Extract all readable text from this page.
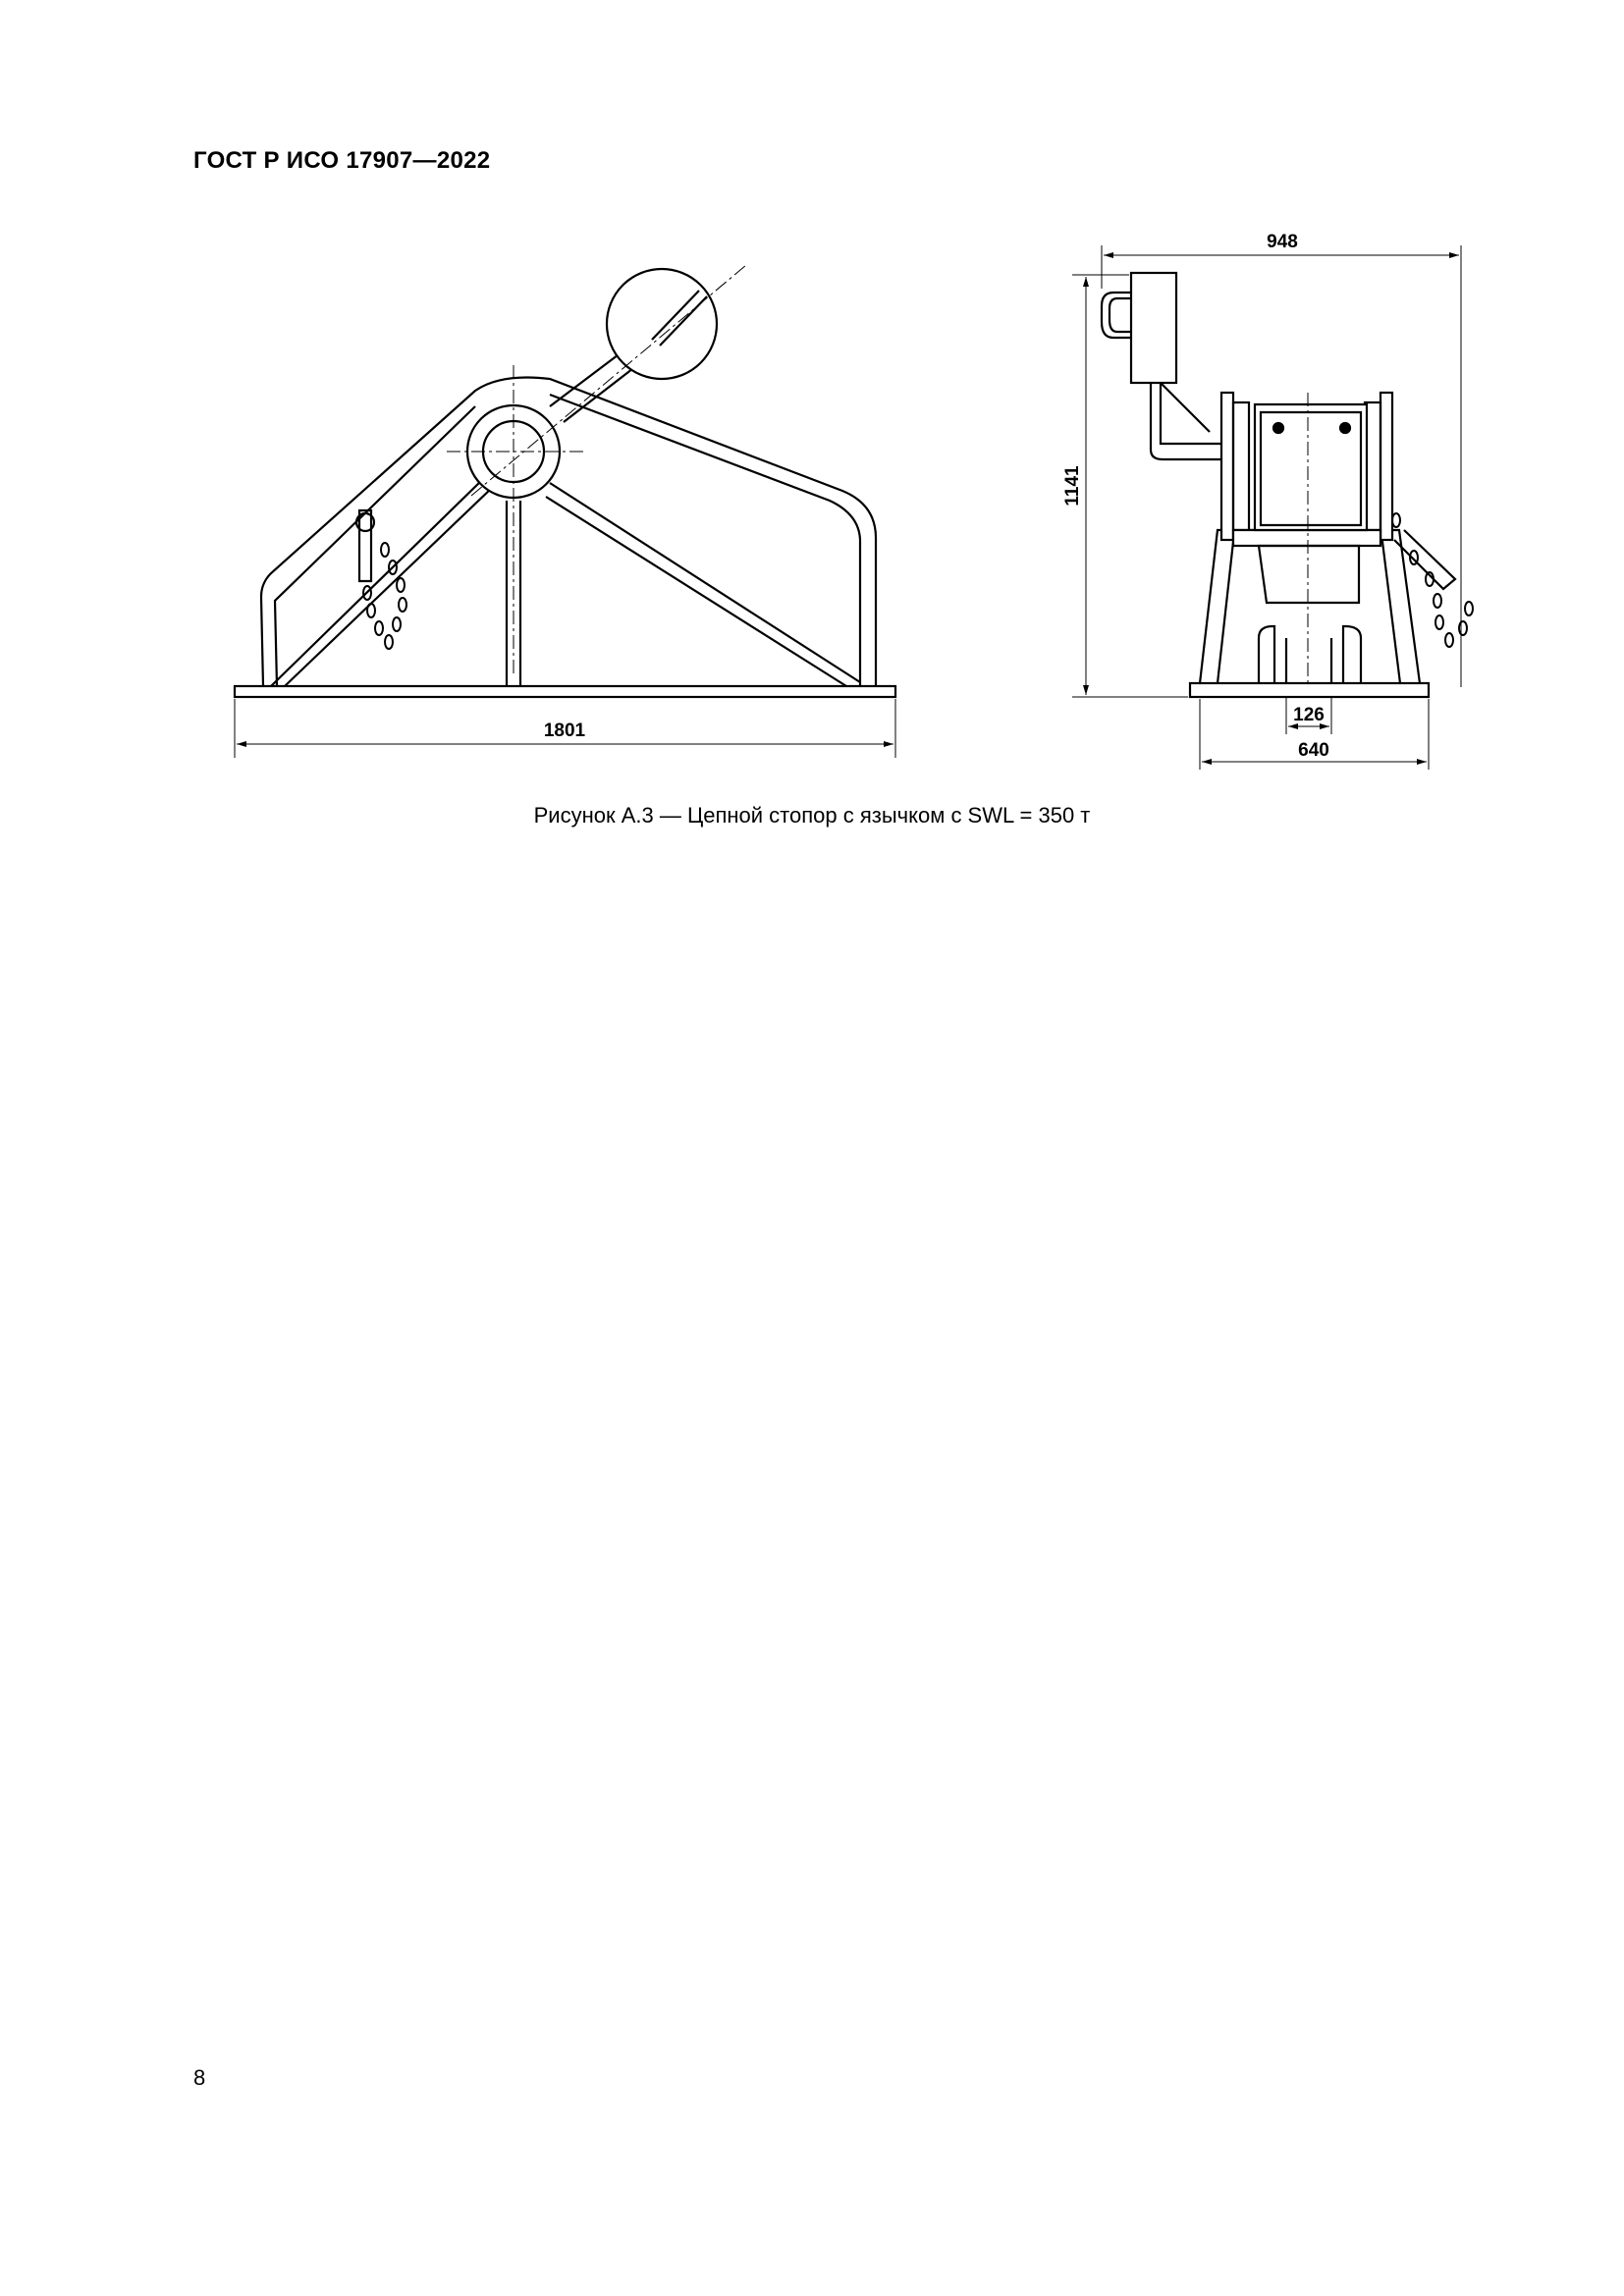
ГОСТ Р ИСО 17907—2022
1801
948
1141
126
640
Рисунок А.3 — Цепной стопор с язычком с SWL = 350 т
8
